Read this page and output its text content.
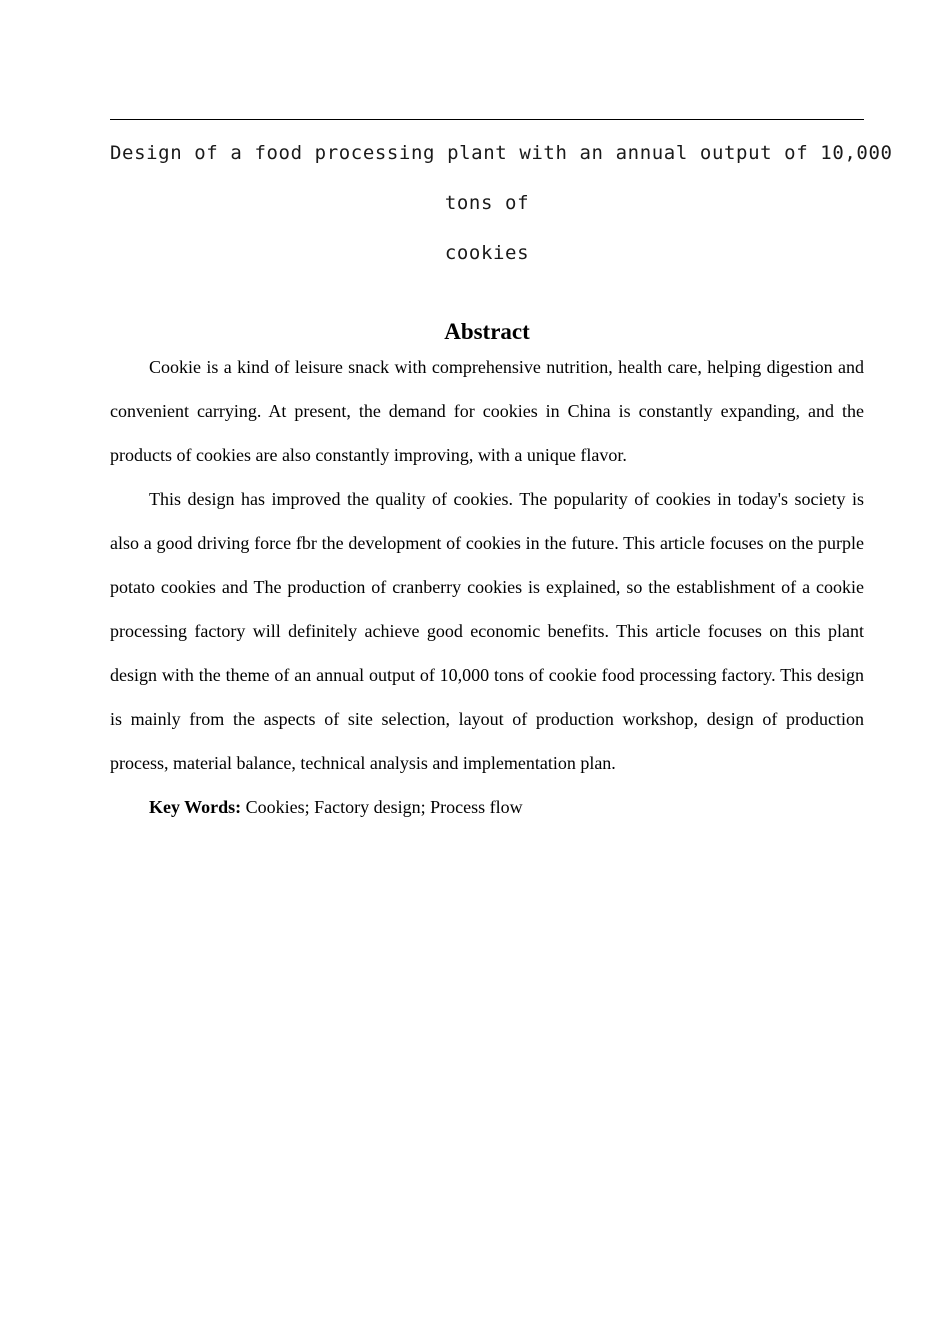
Design of a food processing plant with an annual output of 10,000
tons of
cookies
Abstract

Cookie is a kind of leisure snack with comprehensive nutrition, health care, helping digestion and convenient carrying. At present, the demand for cookies in China is constantly expanding, and the products of cookies are also constantly improving, with a unique flavor.

This design has improved the quality of cookies. The popularity of cookies in today's society is also a good driving force fbr the development of cookies in the future. This article focuses on the purple potato cookies and The production of cranberry cookies is explained, so the establishment of a cookie processing factory will definitely achieve good economic benefits. This article focuses on this plant design with the theme of an annual output of 10,000 tons of cookie food processing factory. This design is mainly from the aspects of site selection, layout of production workshop, design of production process, material balance, technical analysis and implementation plan.

Key Words: Cookies; Factory design; Process flow
